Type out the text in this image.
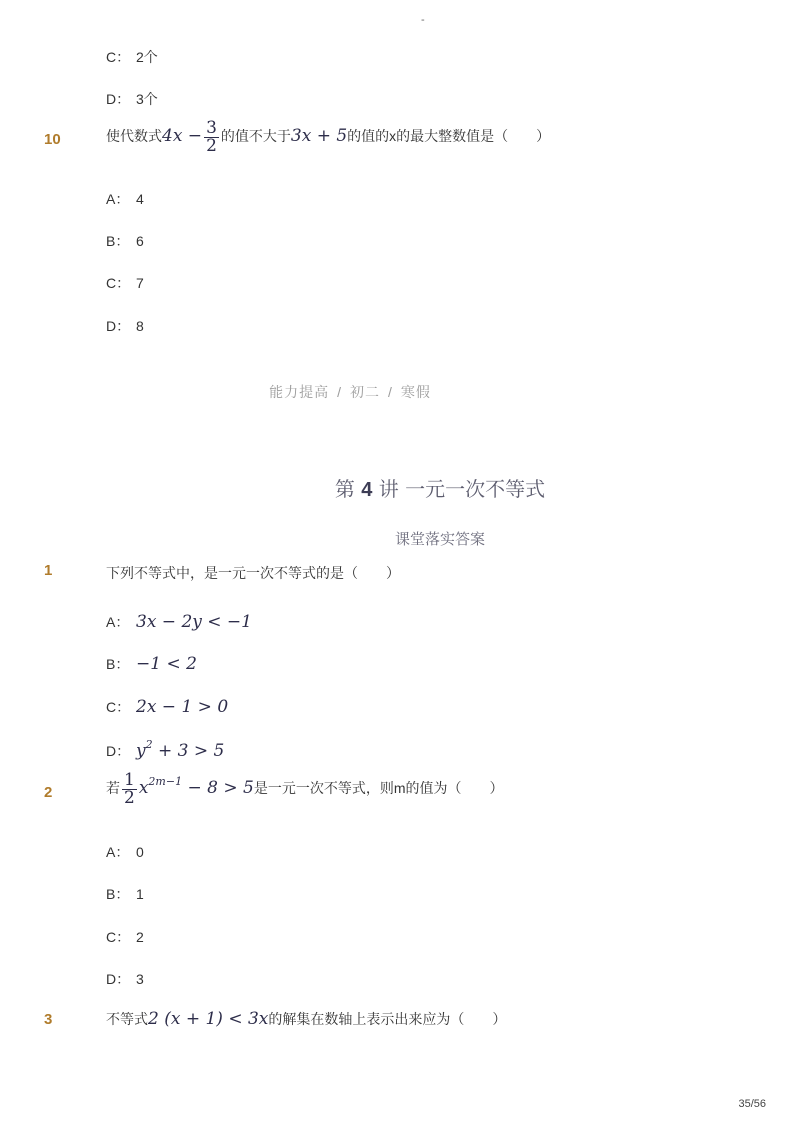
-
C： 2个
D： 3个
10	使代数式$4x - \frac{3}{2}$ 的值不大于3x + 5的值的x的最大整数值是（　　）
A： 4
B： 6
C： 7
D： 8
能力提高 / 初二 / 寒假
第 4 讲 一元一次不等式
课堂落实答案
1	下列不等式中，是一元一次不等式的是（　　）
A： 3x − 2y < −1
B： −1 < 2
C： 2x − 1 > 0
D： $y^2 + 3 > 5$
2	若 $\frac{1}{2} x^{2m-1} - 8 > 5$是一元一次不等式，则m的值为（　　）
A： 0
B： 1
C： 2
D： 3
3	不等式2 (x + 1) < 3x的解集在数轴上表示出来应为（　　）
35/56
